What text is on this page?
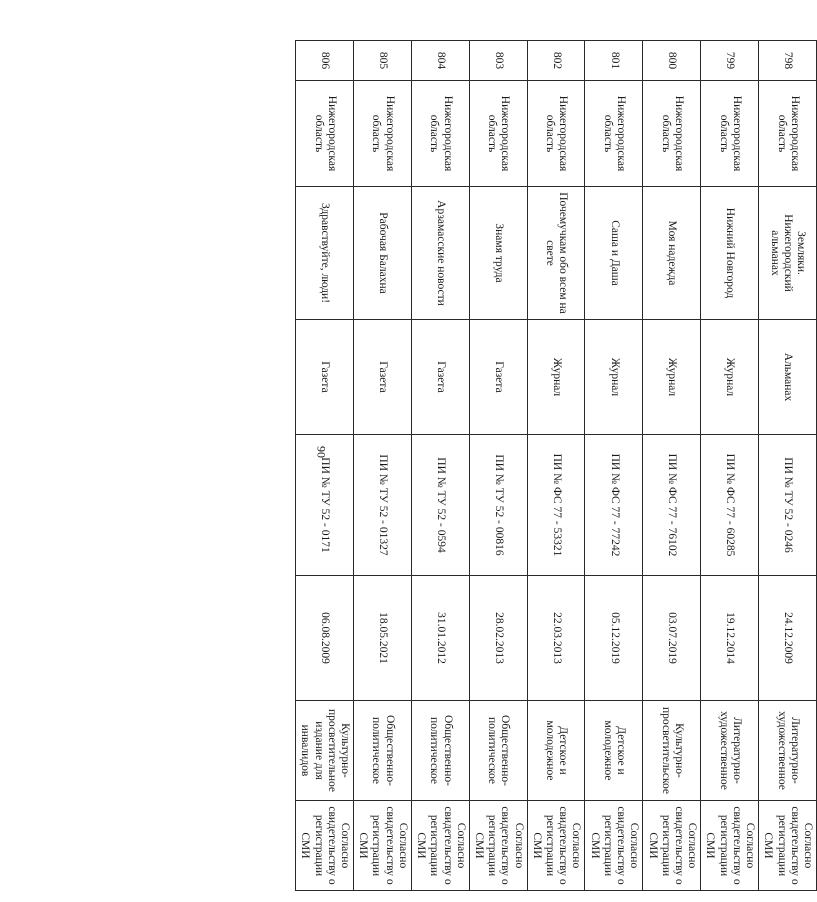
90
798	Нижегородская область	Земляки. Нижегородский альманах	Альманах	ПИ № ТУ 52 - 0246	24.12.2009	Литературно-художественное	Согласно свидетельству о регистрации СМИ
799	Нижегородская область	Нижний Новгород	Журнал	ПИ № ФС 77 - 60285	19.12.2014	Литературно-художественное	Согласно свидетельству о регистрации СМИ
800	Нижегородская область	Моя надежда	Журнал	ПИ № ФС 77 - 76102	03.07.2019	Культурно-просветительское	Согласно свидетельству о регистрации СМИ
801	Нижегородская область	Саша и Даша	Журнал	ПИ № ФС 77 - 77242	05.12.2019	Детское и молодежное	Согласно свидетельству о регистрации СМИ
802	Нижегородская область	Почемучкам обо всем на свете	Журнал	ПИ № ФС 77 - 53321	22.03.2013	Детское и молодежное	Согласно свидетельству о регистрации СМИ
803	Нижегородская область	Знамя труда	Газета	ПИ № ТУ 52 - 00816	28.02.2013	Общественно-политическое	Согласно свидетельству о регистрации СМИ
804	Нижегородская область	Арзамасские новости	Газета	ПИ № ТУ 52 - 0594	31.01.2012	Общественно-политическое	Согласно свидетельству о регистрации СМИ
805	Нижегородская область	Рабочая Балахна	Газета	ПИ № ТУ 52 - 01327	18.05.2021	Общественно-политическое	Согласно свидетельству о регистрации СМИ
806	Нижегородская область	Здравствуйте, люди!	Газета	ПИ № ТУ 52 - 0171	06.08.2009	Культурно-просветительное издание для инвалидов	Согласно свидетельству о регистрации СМИ
